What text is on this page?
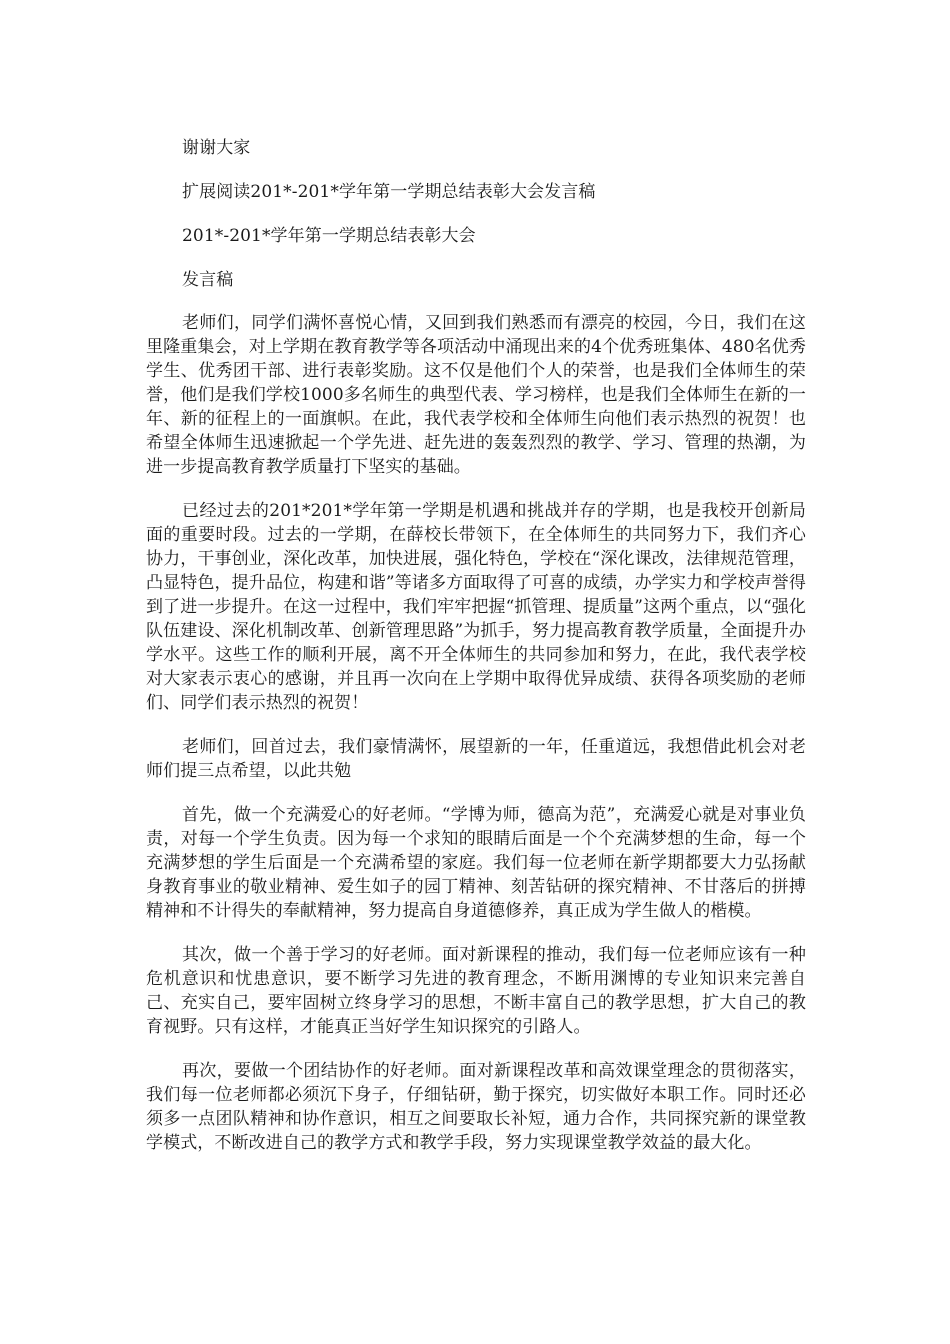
谢谢大家

扩展阅读201*-201*学年第一学期总结表彰大会发言稿

201*-201*学年第一学期总结表彰大会

发言稿

老师们，同学们满怀喜悦心情，又回到我们熟悉而有漂亮的校园，今日，我们在这里隆重集会，对上学期在教育教学等各项活动中涌现出来的4个优秀班集体、480名优秀学生、优秀团干部、进行表彰奖励。这不仅是他们个人的荣誉，也是我们全体师生的荣誉，他们是我们学校1000多名师生的典型代表、学习榜样，也是我们全体师生在新的一年、新的征程上的一面旗帜。在此，我代表学校和全体师生向他们表示热烈的祝贺！也希望全体师生迅速掀起一个学先进、赶先进的轰轰烈烈的教学、学习、管理的热潮，为进一步提高教育教学质量打下坚实的基础。

已经过去的201*201*学年第一学期是机遇和挑战并存的学期，也是我校开创新局面的重要时段。过去的一学期，在薛校长带领下，在全体师生的共同努力下，我们齐心协力，干事创业，深化改革，加快进展，强化特色，学校在“深化课改，法律规范管理，凸显特色，提升品位，构建和谐”等诸多方面取得了可喜的成绩，办学实力和学校声誉得到了进一步提升。在这一过程中，我们牢牢把握“抓管理、提质量”这两个重点，以“强化队伍建设、深化机制改革、创新管理思路”为抓手，努力提高教育教学质量，全面提升办学水平。这些工作的顺利开展，离不开全体师生的共同参加和努力，在此，我代表学校对大家表示衷心的感谢，并且再一次向在上学期中取得优异成绩、获得各项奖励的老师们、同学们表示热烈的祝贺！

老师们，回首过去，我们豪情满怀，展望新的一年，任重道远，我想借此机会对老师们提三点希望，以此共勉

首先，做一个充满爱心的好老师。“学博为师，德高为范”，充满爱心就是对事业负责，对每一个学生负责。因为每一个求知的眼睛后面是一个个充满梦想的生命，每一个充满梦想的学生后面是一个充满希望的家庭。我们每一位老师在新学期都要大力弘扬献身教育事业的敬业精神、爱生如子的园丁精神、刻苦钻研的探究精神、不甘落后的拼搏精神和不计得失的奉献精神，努力提高自身道德修养，真正成为学生做人的楷模。

其次，做一个善于学习的好老师。面对新课程的推动，我们每一位老师应该有一种危机意识和忧患意识，要不断学习先进的教育理念，不断用渊博的专业知识来完善自己、充实自己，要牢固树立终身学习的思想，不断丰富自己的教学思想，扩大自己的教育视野。只有这样，才能真正当好学生知识探究的引路人。

再次，要做一个团结协作的好老师。面对新课程改革和高效课堂理念的贯彻落实，我们每一位老师都必须沉下身子，仔细钻研，勤于探究，切实做好本职工作。同时还必须多一点团队精神和协作意识，相互之间要取长补短，通力合作，共同探究新的课堂教学模式，不断改进自己的教学方式和教学手段，努力实现课堂教学效益的最大化。
